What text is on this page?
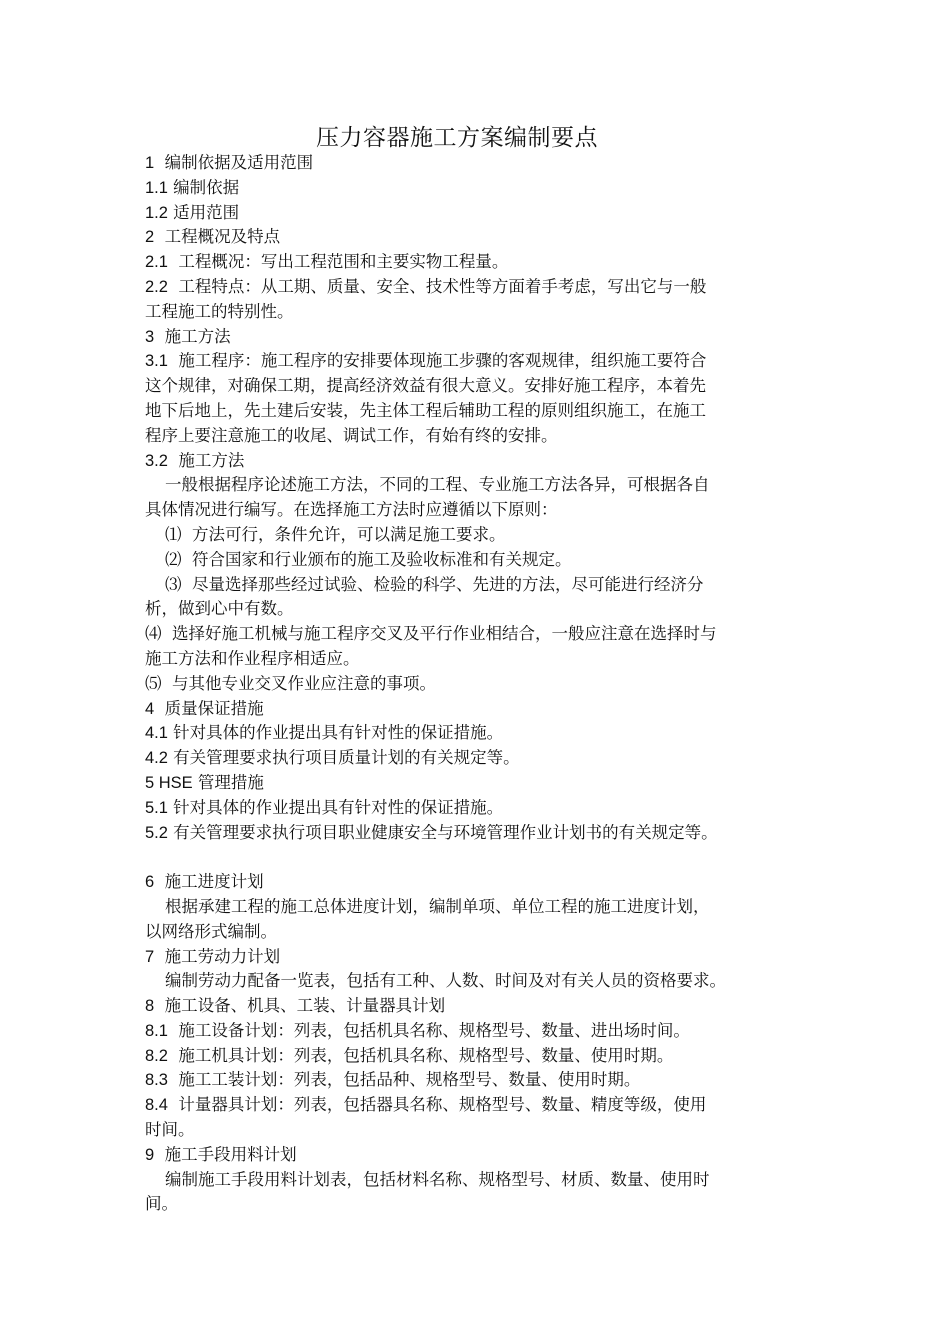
压力容器施工方案编制要点
1  编制依据及适用范围
1.1 编制依据
1.2 适用范围
2  工程概况及特点
2.1  工程概况：写出工程范围和主要实物工程量。
2.2  工程特点：从工期、质量、安全、技术性等方面着手考虑，写出它与一般
工程施工的特别性。
3  施工方法
3.1  施工程序：施工程序的安排要体现施工步骤的客观规律，组织施工要符合
这个规律，对确保工期，提高经济效益有很大意义。安排好施工程序，本着先
地下后地上，先土建后安装，先主体工程后辅助工程的原则组织施工，在施工
程序上要注意施工的收尾、调试工作，有始有终的安排。
3.2  施工方法
一般根据程序论述施工方法，不同的工程、专业施工方法各异，可根据各自
具体情况进行编写。在选择施工方法时应遵循以下原则：
⑴  方法可行，条件允许，可以满足施工要求。
⑵  符合国家和行业颁布的施工及验收标准和有关规定。
⑶  尽量选择那些经过试验、检验的科学、先进的方法，尽可能进行经济分
析，做到心中有数。
⑷  选择好施工机械与施工程序交叉及平行作业相结合，一般应注意在选择时与
施工方法和作业程序相适应。
⑸  与其他专业交叉作业应注意的事项。
4  质量保证措施
4.1 针对具体的作业提出具有针对性的保证措施。
4.2 有关管理要求执行项目质量计划的有关规定等。
5 HSE 管理措施
5.1 针对具体的作业提出具有针对性的保证措施。
5.2 有关管理要求执行项目职业健康安全与环境管理作业计划书的有关规定等。
6  施工进度计划
根据承建工程的施工总体进度计划，编制单项、单位工程的施工进度计划，
以网络形式编制。
7  施工劳动力计划
编制劳动力配备一览表，包括有工种、人数、时间及对有关人员的资格要求。
8  施工设备、机具、工装、计量器具计划
8.1  施工设备计划：列表，包括机具名称、规格型号、数量、进出场时间。
8.2  施工机具计划：列表，包括机具名称、规格型号、数量、使用时期。
8.3  施工工装计划：列表，包括品种、规格型号、数量、使用时期。
8.4  计量器具计划：列表，包括器具名称、规格型号、数量、精度等级，使用
时间。
9  施工手段用料计划
编制施工手段用料计划表，包括材料名称、规格型号、材质、数量、使用时
间。
